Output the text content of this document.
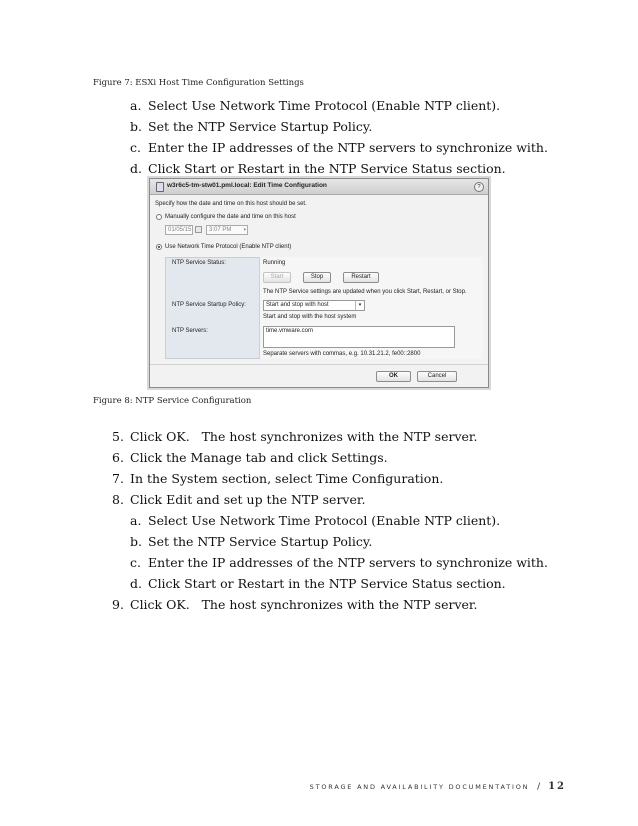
Figure 7: ESXi Host Time Configuration Settings
a. Select Use Network Time Protocol (Enable NTP client).
b. Set the NTP Service Startup Policy.
c. Enter the IP addresses of the NTP servers to synchronize with.
d. Click Start or Restart in the NTP Service Status section.
w3r6c5-tm-stw01.pml.local: Edit Time Configuration	?
Specify how the date and time on this host should be set.
Manually configure the date and time on this host
01/05/15	3:07 PM ▾
Use Network Time Protocol (Enable NTP client)
NTP Service Status:	Running
Start	Stop	Restart
The NTP Service settings are updated when you click Start, Restart, or Stop.
NTP Service Startup Policy:	Start and stop with host	▾
Start and stop with the host system
NTP Servers:	time.vmware.com
Separate servers with commas, e.g. 10.31.21.2, fe00::2800
OK	Cancel
Figure 8: NTP Service Configuration
5. Click OK.   The host synchronizes with the NTP server.
6. Click the Manage tab and click Settings.
7. In the System section, select Time Configuration.
8. Click Edit and set up the NTP server.
a. Select Use Network Time Protocol (Enable NTP client).
b. Set the NTP Service Startup Policy.
c. Enter the IP addresses of the NTP servers to synchronize with.
d. Click Start or Restart in the NTP Service Status section.
9. Click OK.   The host synchronizes with the NTP server.
STORAGE AND AVAILABILITY DOCUMENTATION / 12
